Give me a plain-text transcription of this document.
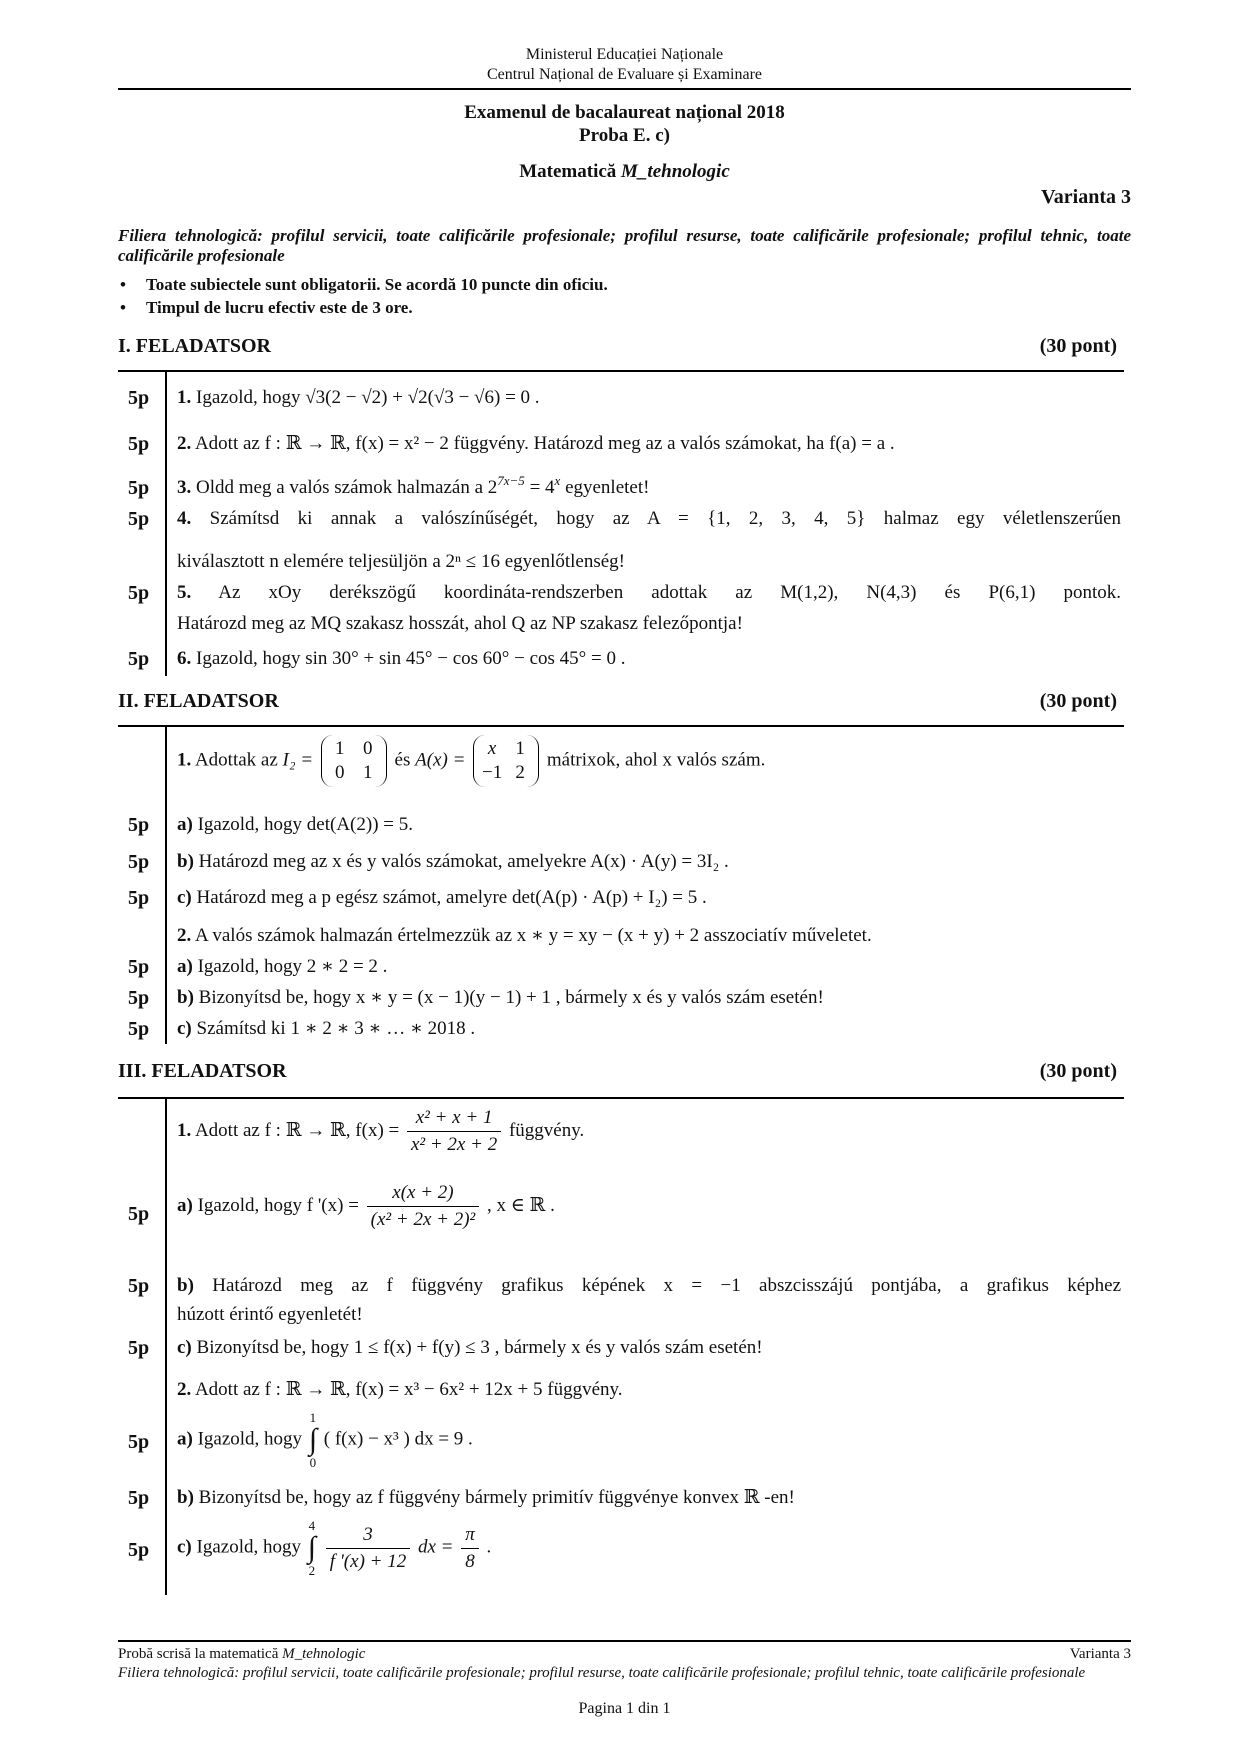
Ministerul Educației Naționale
Centrul Național de Evaluare și Examinare
Examenul de bacalaureat național 2018
Proba E. c)
Matematică M_tehnologic
Varianta 3
Filiera tehnologică: profilul servicii, toate calificările profesionale; profilul resurse, toate calificările profesionale; profilul tehnic, toate calificările profesionale
• Toate subiectele sunt obligatorii. Se acordă 10 puncte din oficiu.
• Timpul de lucru efectiv este de 3 ore.
I. FELADATSOR	(30 pont)
5p 1. Igazold, hogy √3(2 − √2) + √2(√3 − √6) = 0 .
5p 2. Adott az f : ℝ → ℝ, f(x) = x² − 2 függvény. Határozd meg az a valós számokat, ha f(a) = a .
5p 3. Oldd meg a valós számok halmazán a $2^{7x-5} = 4^x$ egyenletet!
5p 4. Számítsd ki annak a valószínűségét, hogy az A = {1, 2, 3, 4, 5} halmaz egy véletlenszerűen
kiválasztott n elemére teljesüljön a 2ⁿ ≤ 16 egyenlőtlenség!
5p 5. Az xOy derékszögű koordináta-rendszerben adottak az M(1,2), N(4,3) és P(6,1) pontok.
Határozd meg az MQ szakasz hosszát, ahol Q az NP szakasz felezőpontja!
5p 6. Igazold, hogy sin 30° + sin 45° − cos 60° − cos 45° = 0 .
II. FELADATSOR	(30 pont)
1. Adottak az I₂ =
1 0
0 1
és A(x) =
x	1
−1 2
mátrixok, ahol x valós szám.
5p a) Igazold, hogy det(A(2)) = 5.
5p b) Határozd meg az x és y valós számokat, amelyekre A(x) · A(y) = 3I₂ .
5p c) Határozd meg a p egész számot, amelyre det(A(p) · A(p) + I₂) = 5 .
2. A valós számok halmazán értelmezzük az x ∗ y = xy − (x + y) + 2 asszociatív műveletet.
5p a) Igazold, hogy 2 ∗ 2 = 2 .
5p b) Bizonyítsd be, hogy x ∗ y = (x − 1)(y − 1) + 1 , bármely x és y valós szám esetén!
5p c) Számítsd ki 1 ∗ 2 ∗ 3 ∗ … ∗ 2018 .
III. FELADATSOR	(30 pont)
1. Adott az f : ℝ → ℝ, $f(x) = \frac{\text{x² + x + 1}}{\text{x² + 2x + 2}}$ függvény.
5p a) Igazold, hogy f '$(x) = \frac{x(x + 2)}{\text{(x² + 2x + 2)²}}$ , x ∈ ℝ .
5p b) Határozd meg az f függvény grafikus képének x = −1 abszcisszájú pontjába, a grafikus képhez
húzott érintő egyenletét!
5p c) Bizonyítsd be, hogy 1 ≤ f(x) + f(y) ≤ 3 , bármely x és y valós szám esetén!
2. Adott az f : ℝ → ℝ, f(x) = x³ − 6x² + 12x + 5 függvény.
5p a) Igazold, hogy 1
∫
0 ( f(x) − x³ ) dx = 9 .
5p b) Bizonyítsd be, hogy az f függvény bármely primitív függvénye konvex ℝ -en!
5p c) Igazold, hogy 4
∫
$2 \frac{3}{f '(x) + 12}$ dx = $\frac{\pi}{8}$ .
Probă scrisă la matematică M_tehnologic	Varianta 3
Filiera tehnologică: profilul servicii, toate calificările profesionale; profilul resurse, toate calificările profesionale; profilul tehnic, toate calificările profesionale
Pagina 1 din 1
